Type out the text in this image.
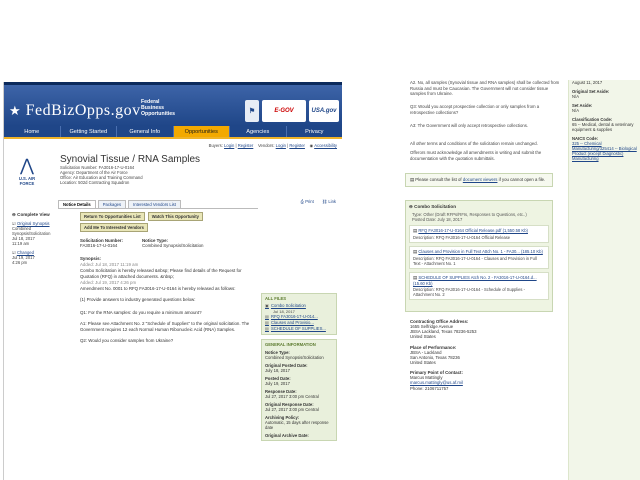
★ FedBizOpps.gov Federal Business Opportunities	⚑	E-GOV	USA.gov
Home	Getting Started	General Info	Opportunities	Agencies	Privacy
Buyers: Login | Register Vendors: Login | Register ◉ Accessibility
⋀
U.S. AIR FORCE
Synovial Tissue / RNA Samples
Solicitation Number: FA3016-17-U-0164
Agency: Department of the Air Force
Office: Air Education and Training Command
Location: 502d Contracting Squadron
⎙ Print ⛓ Link
Notice Details	Packages	Interested Vendors List
⊖ Complete View
☑ Original Synopsis
Combined Synopsis/Solicitation
Jul 18, 2017
11:19 am
☑ Changed
Jul 19, 2017
4:26 pm
Return To Opportunities List	Watch This Opportunity
Add Me To Interested Vendors
Solicitation Number:
FA3016-17-U-0164
Notice Type:
Combined Synopsis/Solicitation
Synopsis:
Added: Jul 18, 2017 11:19 am
Combo Solicitation is hereby released &nbsp; Please find details of the Request for Quotation (RFQ) in attached documents. &nbsp;
Added: Jul 19, 2017 4:26 pm
Amendment No. 0001 to RFQ FA3016-17-U-0164 is hereby released as follows:
(1) Provide answers to industry generated questions below:
Q1: For the RNA samples: do you require a minimum amount?
A1: Please see Attachment No. 2 "Schedule of Supplies" to the original solicitation. The Government requires 12 each Normal Human Ribonucleic Acid (RNA) Samples.
Q2: Would you consider samples from Ukraine?
ALL FILES
▣ Combo Solicitation
Jul 18, 2017
▤ RFQ FA3016-17-U-014...
▤ Clauses and Provisio...
▤ SCHEDULE OF SUPPLIES...
GENERAL INFORMATION
Notice Type:
Combined Synopsis/Solicitation
Original Posted Date:
July 18, 2017
Posted Date:
July 19, 2017
Response Date:
Jul 27, 2017 3:00 pm Central
Original Response Date:
Jul 27, 2017 3:00 pm Central
Archiving Policy:
Automatic, 15 days after response date
Original Archive Date:
A2. No, all samples (Synovial tissue and RNA samples) shall be collected from Russia and must be Caucasian. The Government will not consider tissue samples from Ukraine.
Q3: Would you accept prospective collection or only samples from a retrospective collections?
A3: The Government will only accept retrospective collections.
All other terms and conditions of the solicitation remain unchanged.
Offerors must acknowledge all amendments in writing and submit the documentation with the quotation submittals.
▤ Please consult the list of document viewers if you cannot open a file.
⊖ Combo Solicitation
Type: Other (Draft RFPs/RFIs, Responses to Questions, etc..)
Posted Date: July 18, 2017
▤ RFQ FA3016-17-U-0164 Official Release.pdf (1,550.58 Kb)
Description: RFQ FA3016-17-U-0164 Official Release
▤ Clauses and Provision in Full Text Attch No. 1 - FA30... (185.10 Kb)
Description: RFQ FA3016-17-U-0164 - Clauses and Provision in Full Text - Attachment No. 1
▤ SCHEDULE OF SUPPLIES Atch No. 2 - FA3016-17-U-0164.d... (15.60 Kb)
Description: RFQ FA3016-17-U-0164 - Schedule of Supplies - Attachment No. 2
Contracting Office Address:
1655 Selfridge Avenue
JBSA Lackland, Texas 78236-5253
United States
Place of Performance:
JBSA - Lackland
San Antonio, Texas 78236
United States
Primary Point of Contact:
Marcus Mattingly
marcus.mattingly@us.af.mil
Phone: 2106711757
August 11, 2017
Original Set Aside:
N/A
Set Aside:
N/A
Classification Code:
65 -- Medical, dental & veterinary equipment & supplies
NAICS Code:
325 -- Chemical Manufacturing/325414 -- Biological Product (except Diagnostic) Manufacturing
